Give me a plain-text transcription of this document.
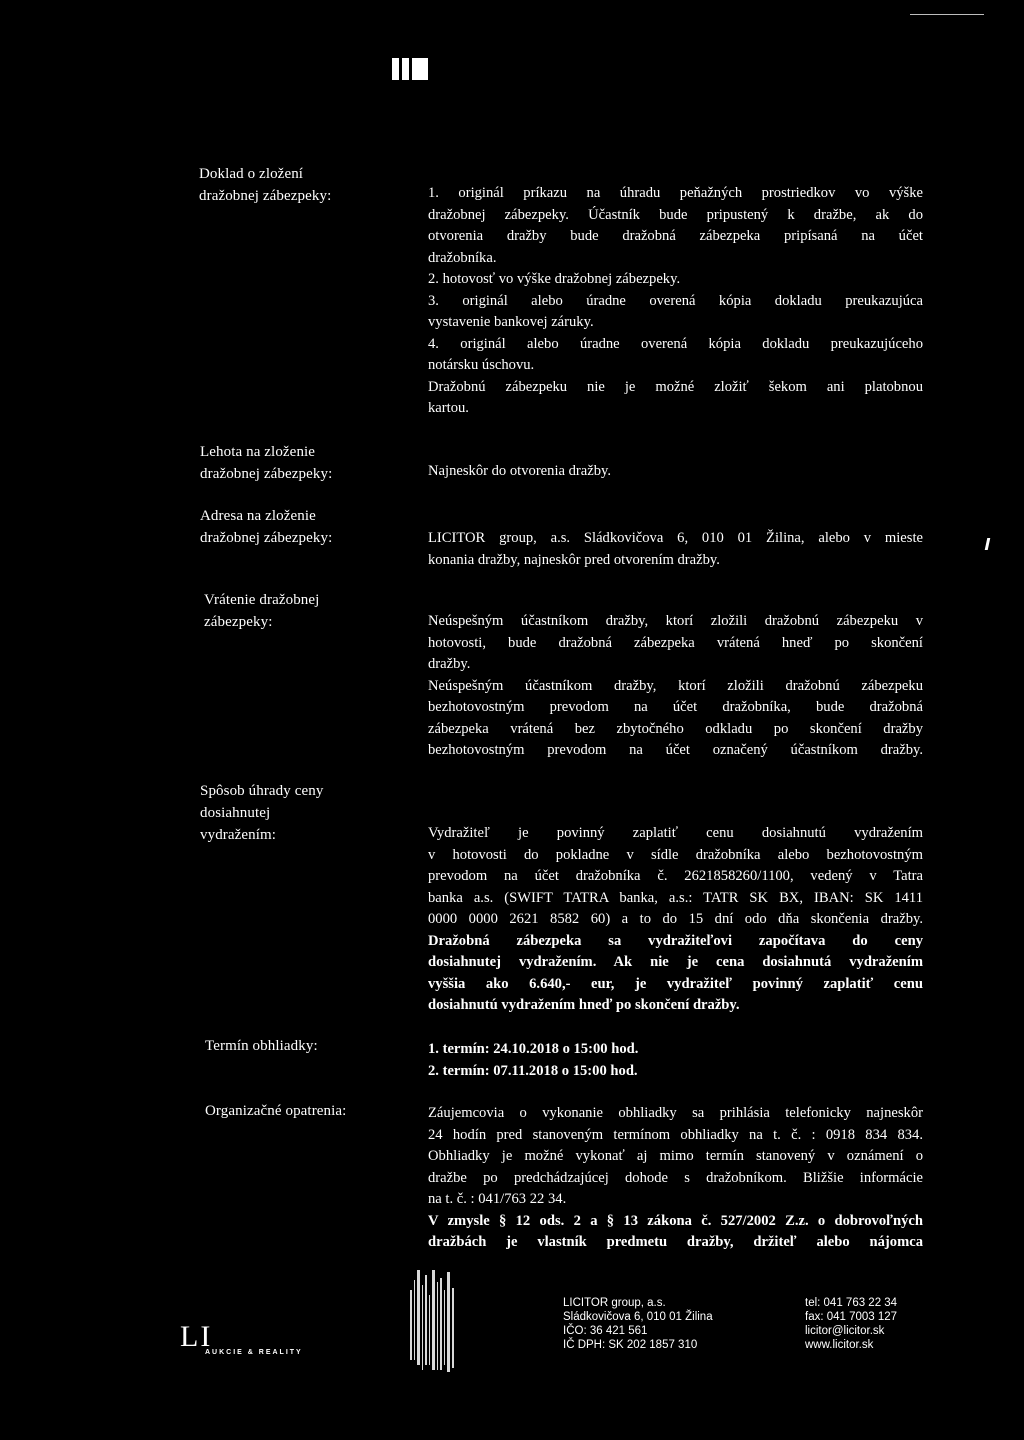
Doklad o zložení
dražobnej zábezpeky:	1. originál príkazu na úhradu peňažných prostriedkov vo výške
dražobnej zábezpeky. Účastník bude pripustený k dražbe, ak do
otvorenia dražby bude dražobná zábezpeka pripísaná na účet
dražobníka.
2. hotovosť vo výške dražobnej zábezpeky.
3. originál alebo úradne overená kópia dokladu preukazujúca
vystavenie bankovej záruky.
4. originál alebo úradne overená kópia dokladu preukazujúceho
notársku úschovu.
Dražobnú zábezpeku nie je možné zložiť šekom ani platobnou
kartou.
Lehota na zloženie
dražobnej zábezpeky:	Najneskôr do otvorenia dražby.
Adresa na zloženie
dražobnej zábezpeky:	LICITOR group, a.s. Sládkovičova 6, 010 01 Žilina, alebo v mieste
konania dražby, najneskôr pred otvorením dražby.
Vrátenie dražobnej
zábezpeky:	Neúspešným účastníkom dražby, ktorí zložili dražobnú zábezpeku v
hotovosti, bude dražobná zábezpeka vrátená hneď po skončení
dražby.
Neúspešným účastníkom dražby, ktorí zložili dražobnú zábezpeku
bezhotovostným prevodom na účet dražobníka, bude dražobná
zábezpeka vrátená bez zbytočného odkladu po skončení dražby
bezhotovostným prevodom na účet označený účastníkom dražby.
Spôsob úhrady ceny
dosiahnutej
vydražením:	Vydražiteľ je povinný zaplatiť cenu dosiahnutú vydražením
v hotovosti do pokladne v sídle dražobníka alebo bezhotovostným
prevodom na účet dražobníka č. 2621858260/1100, vedený v Tatra
banka a.s. (SWIFT TATRA banka, a.s.: TATR SK BX, IBAN: SK 1411
0000 0000 2621 8582 60) a to do 15 dní odo dňa skončenia dražby.
Dražobná zábezpeka sa vydražiteľovi započítava do ceny
dosiahnutej vydražením. Ak nie je cena dosiahnutá vydražením
vyššia ako 6.640,- eur, je vydražiteľ povinný zaplatiť cenu
dosiahnutú vydražením hneď po skončení dražby.
Termín obhliadky:	1. termín: 24.10.2018 o 15:00 hod.
2. termín: 07.11.2018 o 15:00 hod.
Organizačné opatrenia:	Záujemcovia o vykonanie obhliadky sa prihlásia telefonicky najneskôr
24 hodín pred stanoveným termínom obhliadky na t. č. : 0918 834 834.
Obhliadky je možné vykonať aj mimo termín stanovený v oznámení o
dražbe po predchádzajúcej dohode s dražobníkom. Bližšie informácie
na t. č. : 041/763 22 34.
V zmysle § 12 ods. 2 a § 13 zákona č. 527/2002 Z.z. o dobrovoľných
dražbách je vlastník predmetu dražby, držiteľ alebo nájomca
LI
AUKCIE & REALITY
LICITOR group, a.s.
Sládkovičova 6, 010 01 Žilina
IČO: 36 421 561
IČ DPH: SK 202 1857 310
tel: 041 763 22 34
fax: 041 7003 127
licitor@licitor.sk
www.licitor.sk
